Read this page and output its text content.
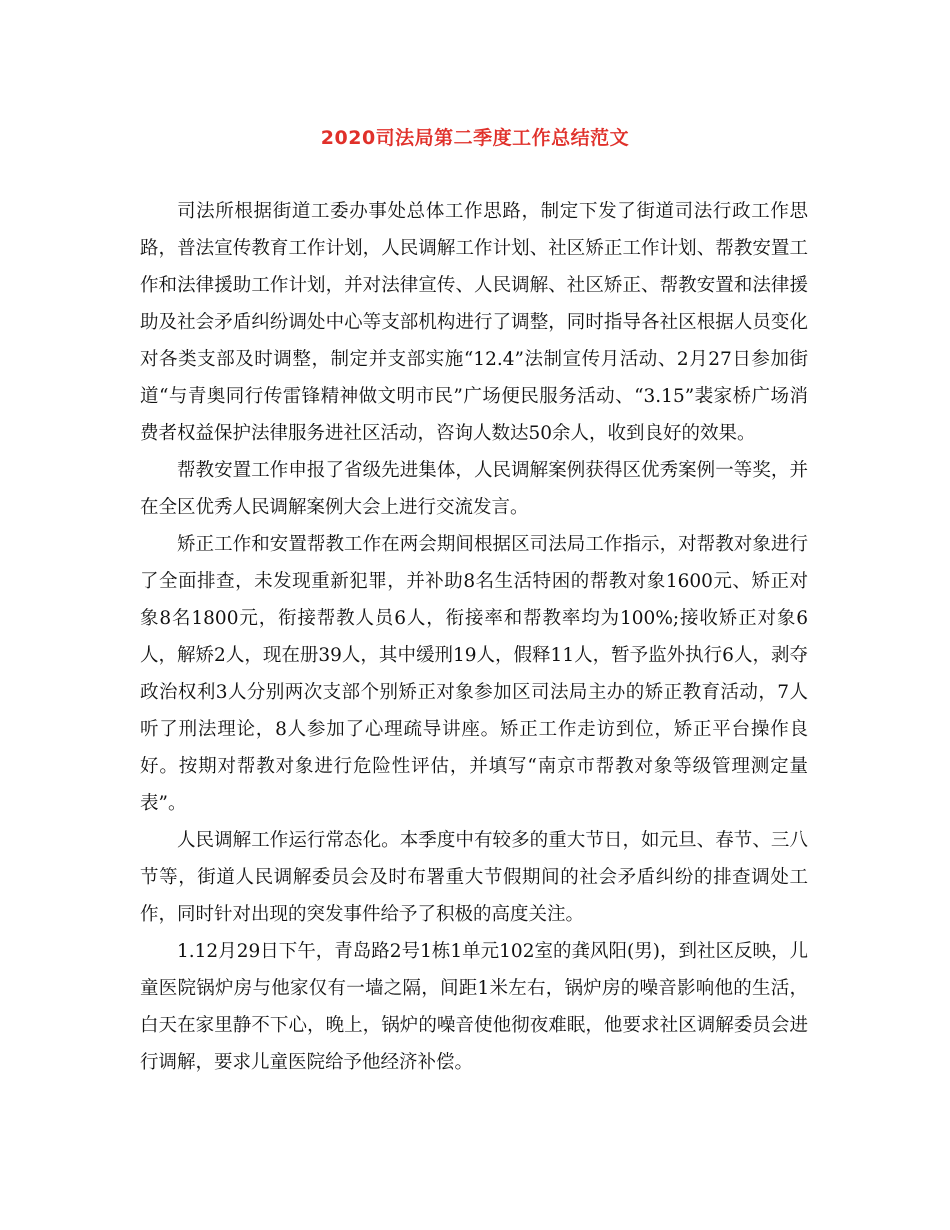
2020司法局第二季度工作总结范文

司法所根据街道工委办事处总体工作思路，制定下发了街道司法行政工作思路，普法宣传教育工作计划，人民调解工作计划、社区矫正工作计划、帮教安置工作和法律援助工作计划，并对法律宣传、人民调解、社区矫正、帮教安置和法律援助及社会矛盾纠纷调处中心等支部机构进行了调整，同时指导各社区根据人员变化对各类支部及时调整，制定并支部实施“12.4”法制宣传月活动、2月27日参加街道“与青奥同行传雷锋精神做文明市民”广场便民服务活动、“3.15”裴家桥广场消费者权益保护法律服务进社区活动，咨询人数达50余人，收到良好的效果。

帮教安置工作申报了省级先进集体，人民调解案例获得区优秀案例一等奖，并在全区优秀人民调解案例大会上进行交流发言。

矫正工作和安置帮教工作在两会期间根据区司法局工作指示，对帮教对象进行了全面排查，未发现重新犯罪，并补助8名生活特困的帮教对象1600元、矫正对象8名1800元，衔接帮教人员6人，衔接率和帮教率均为100%;接收矫正对象6人，解矫2人，现在册39人，其中缓刑19人，假释11人，暂予监外执行6人，剥夺政治权利3人分别两次支部个别矫正对象参加区司法局主办的矫正教育活动，7人听了刑法理论，8人参加了心理疏导讲座。矫正工作走访到位，矫正平台操作良好。按期对帮教对象进行危险性评估，并填写“南京市帮教对象等级管理测定量表”。

人民调解工作运行常态化。本季度中有较多的重大节日，如元旦、春节、三八节等，街道人民调解委员会及时布署重大节假期间的社会矛盾纠纷的排查调处工作，同时针对出现的突发事件给予了积极的高度关注。

1.12月29日下午，青岛路2号1栋1单元102室的龚风阳(男)，到社区反映，儿童医院锅炉房与他家仅有一墙之隔，间距1米左右，锅炉房的噪音影响他的生活，白天在家里静不下心，晚上，锅炉的噪音使他彻夜难眠，他要求社区调解委员会进行调解，要求儿童医院给予他经济补偿。
